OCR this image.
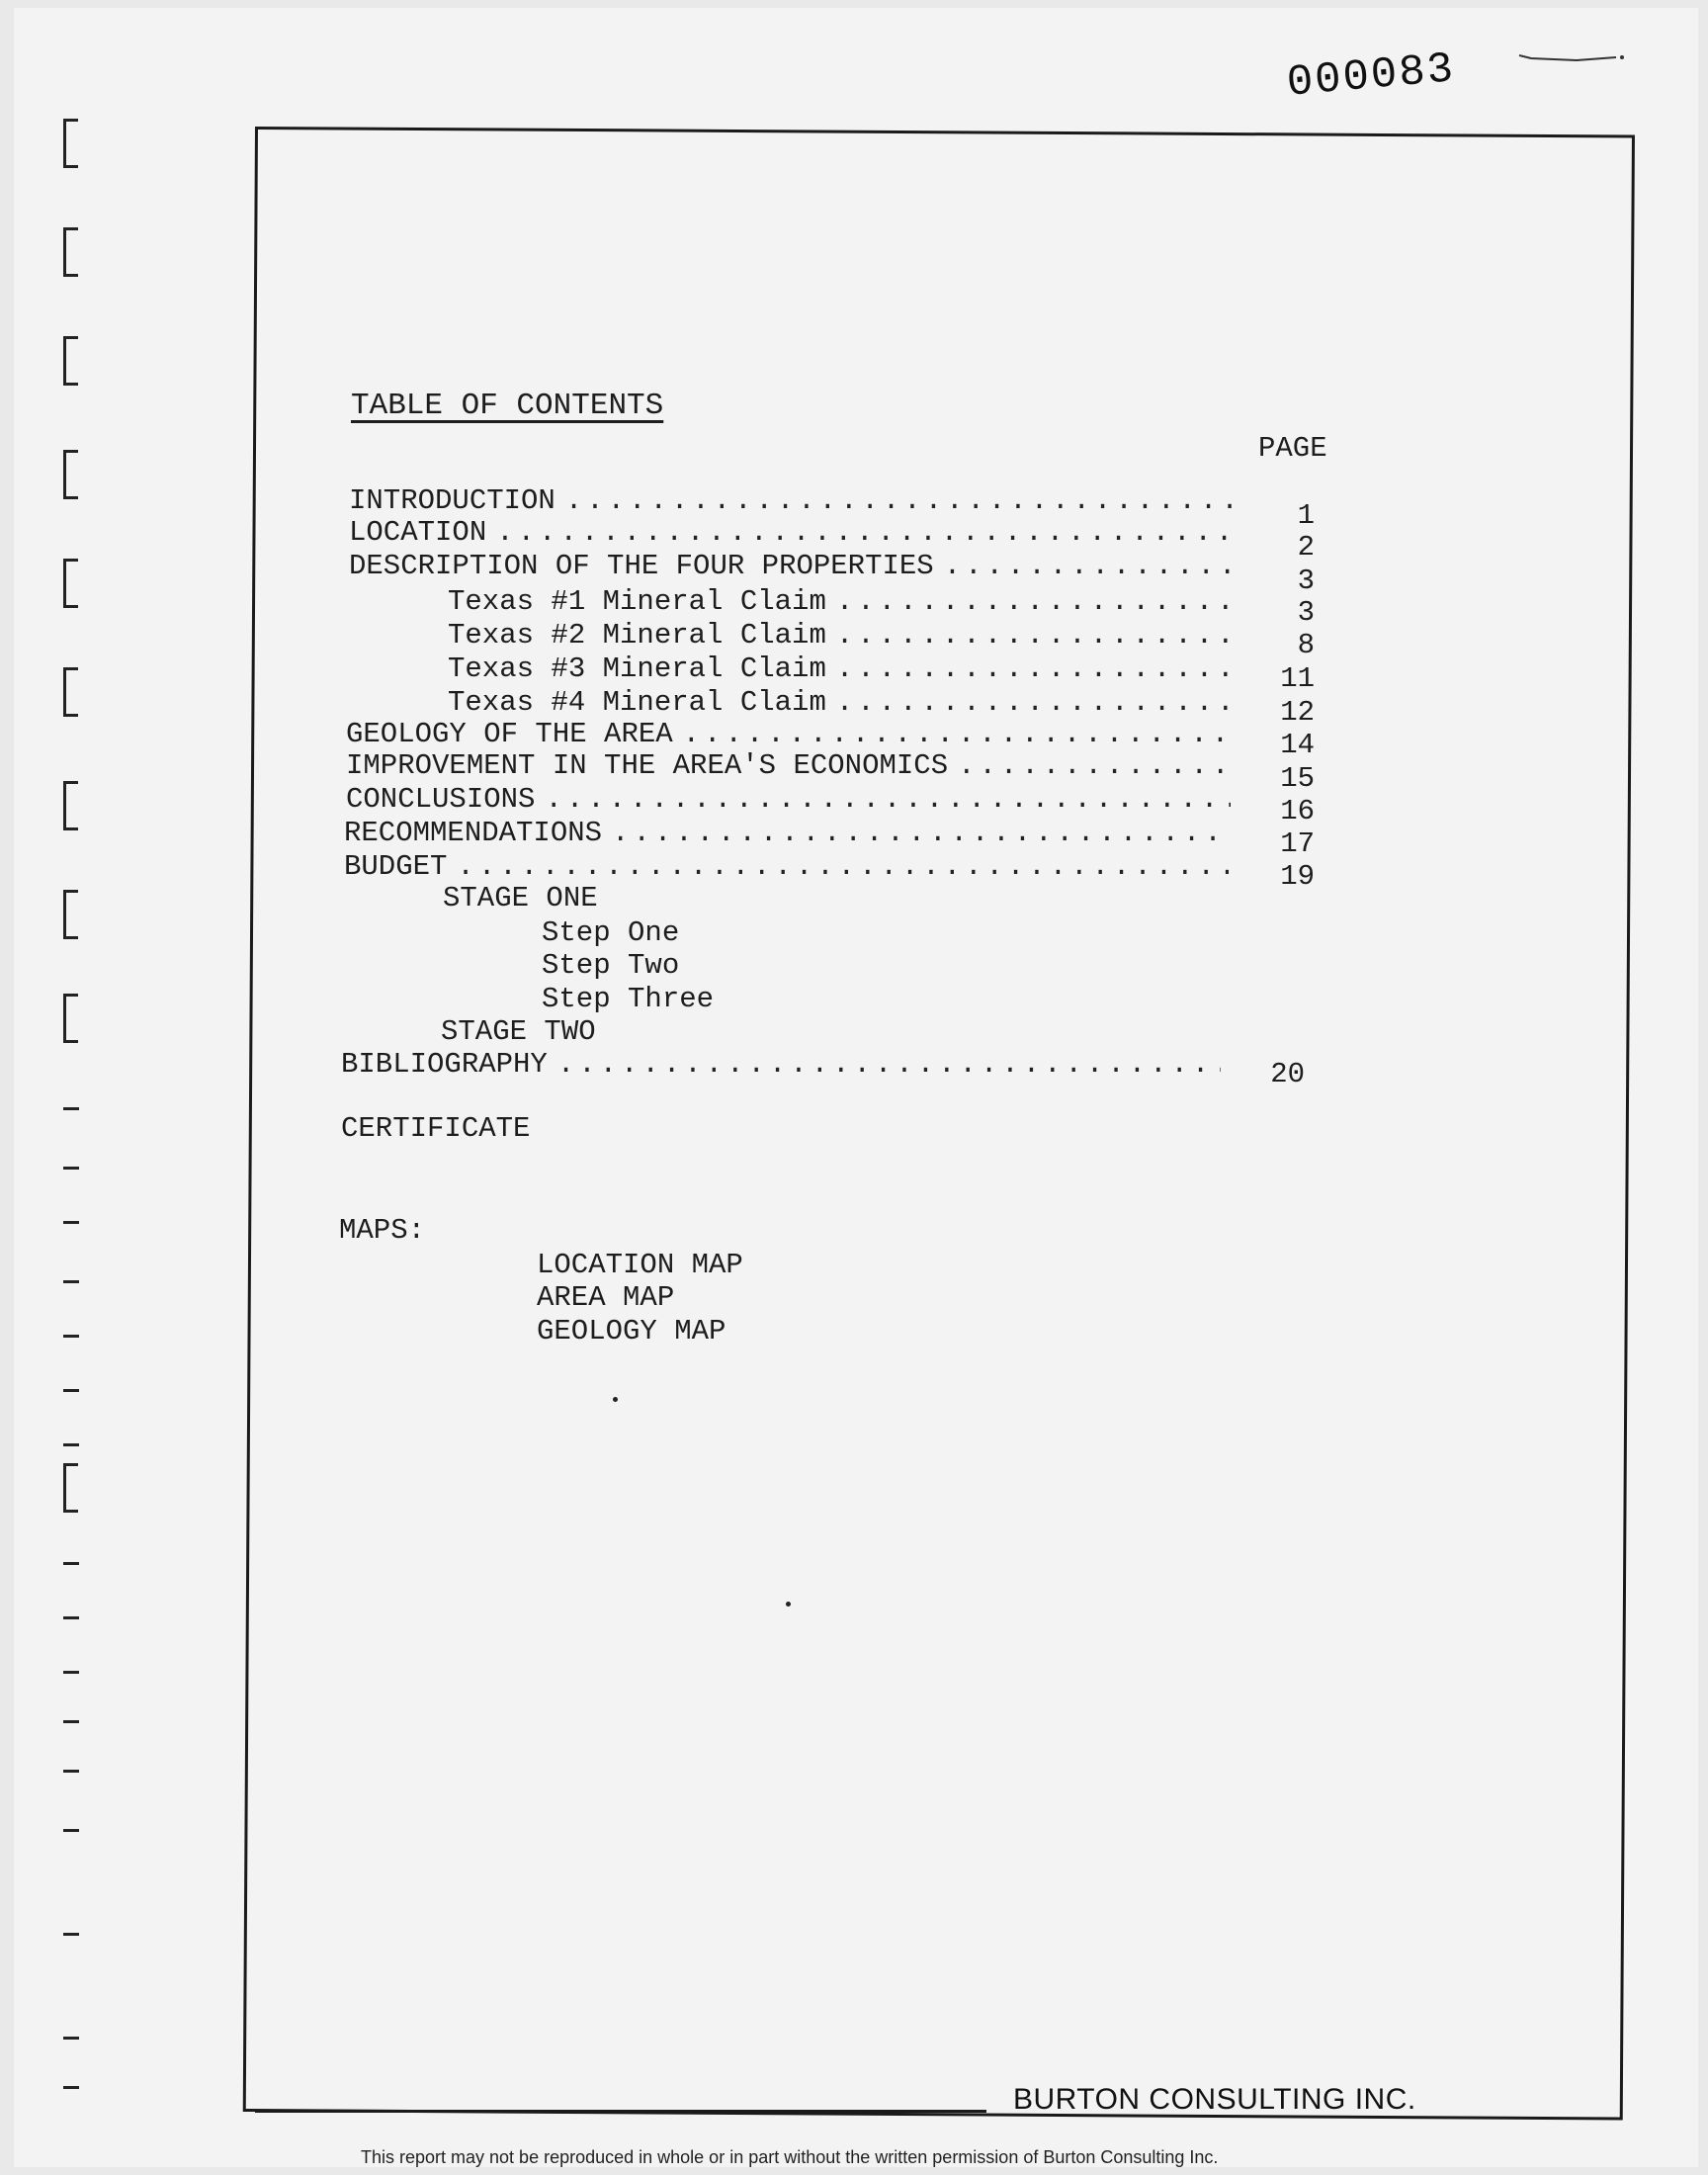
000083
TABLE OF CONTENTS
PAGE
INTRODUCTION .....	1
LOCATION .....	2
DESCRIPTION OF THE FOUR PROPERTIES .....	3
Texas #1 Mineral Claim .....	3
Texas #2 Mineral Claim .....	8
Texas #3 Mineral Claim .....	11
Texas #4 Mineral Claim .....	12
GEOLOGY OF THE AREA .....	14
IMPROVEMENT IN THE AREA'S ECONOMICS .....	15
CONCLUSIONS .....	16
RECOMMENDATIONS .....	17
BUDGET .....	19
STAGE ONE
Step One
Step Two
Step Three
STAGE TWO
BIBLIOGRAPHY .....	20
CERTIFICATE
MAPS:
LOCATION MAP
AREA MAP
GEOLOGY MAP
BURTON CONSULTING INC.
This report may not be reproduced in whole or in part without the written permission of Burton Consulting Inc.
